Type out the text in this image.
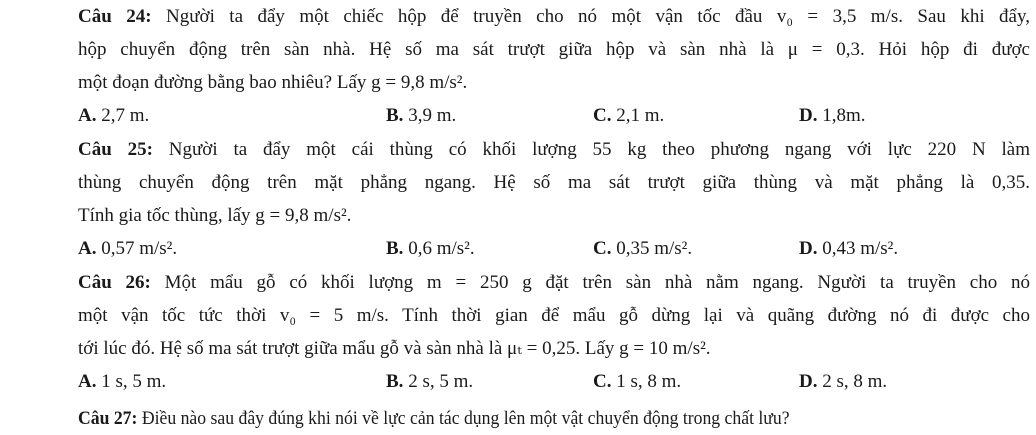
Câu 24: Người ta đẩy một chiếc hộp để truyền cho nó một vận tốc đầu v₀ = 3,5 m/s. Sau khi đẩy,
hộp chuyển động trên sàn nhà. Hệ số ma sát trượt giữa hộp và sàn nhà là μ = 0,3. Hỏi hộp đi được
một đoạn đường bằng bao nhiêu? Lấy g = 9,8 m/s².
A. 2,7 m.	B. 3,9 m.	C. 2,1 m.	D. 1,8m.
Câu 25: Người ta đẩy một cái thùng có khối lượng 55 kg theo phương ngang với lực 220 N làm
thùng chuyển động trên mặt phẳng ngang. Hệ số ma sát trượt giữa thùng và mặt phẳng là 0,35.
Tính gia tốc thùng, lấy g = 9,8 m/s².
A. 0,57 m/s².	B. 0,6 m/s².	C. 0,35 m/s².	D. 0,43 m/s².
Câu 26: Một mẩu gỗ có khối lượng m = 250 g đặt trên sàn nhà nằm ngang. Người ta truyền cho nó
một vận tốc tức thời v₀ = 5 m/s. Tính thời gian để mẩu gỗ dừng lại và quãng đường nó đi được cho
tới lúc đó. Hệ số ma sát trượt giữa mẩu gỗ và sàn nhà là μₜ = 0,25. Lấy g = 10 m/s².
A. 1 s, 5 m.	B. 2 s, 5 m.	C. 1 s, 8 m.	D. 2 s, 8 m.
Câu 27: Điều nào sau đây đúng khi nói về lực cản tác dụng lên một vật chuyển động trong chất lưu?
